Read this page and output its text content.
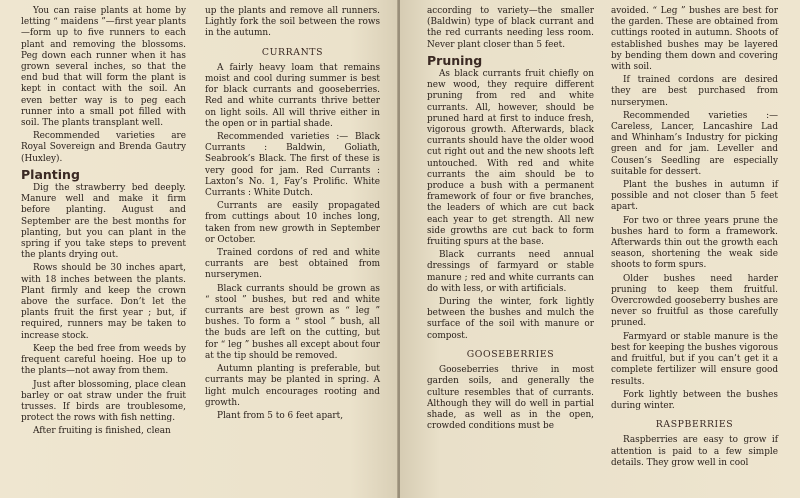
You can raise plants at home by letting “ maidens ”—first year plants—form up to five runners to each plant and removing the blossoms. Peg down each runner when it has grown several inches, so that the end bud that will form the plant is kept in contact with the soil. An even better way is to peg each runner into a small pot filled with soil. The plants transplant well.

Recommended varieties are Royal Sovereign and Brenda Gautry (Huxley).

Planting

Dig the strawberry bed deeply. Manure well and make it firm before planting. August and September are the best months for planting, but you can plant in the spring if you take steps to prevent the plants drying out.

Rows should be 30 inches apart, with 18 inches between the plants. Plant firmly and keep the crown above the surface. Don’t let the plants fruit the first year ; but, if required, runners may be taken to increase stock.

Keep the bed free from weeds by frequent careful hoeing. Hoe up to the plants—not away from them.

Just after blossoming, place clean barley or oat straw under the fruit trusses. If birds are troublesome, protect the rows with fish netting.

After fruiting is finished, clean

up the plants and remove all runners. Lightly fork the soil between the rows in the autumn.

CURRANTS

A fairly heavy loam that remains moist and cool during summer is best for black currants and gooseberries. Red and white currants thrive better on light soils. All will thrive either in the open or in partial shade.

Recommended varieties :— Black Currants : Baldwin, Goliath, Seabrook’s Black. The first of these is very good for jam. Red Currants : Laxton’s No. 1, Fay’s Prolific. White Currants : White Dutch.

Currants are easily propagated from cuttings about 10 inches long, taken from new growth in September or October.

Trained cordons of red and white currants are best obtained from nurserymen.

Black currants should be grown as “ stool ” bushes, but red and white currants are best grown as “ leg ” bushes. To form a “ stool ” bush, all the buds are left on the cutting, but for “ leg ” bushes all except about four at the tip should be removed.

Autumn planting is preferable, but currants may be planted in spring. A light mulch encourages rooting and growth.

Plant from 5 to 6 feet apart,

according to variety—the smaller (Baldwin) type of black currant and the red currants needing less room. Never plant closer than 5 feet.

Pruning

As black currants fruit chiefly on new wood, they require different pruning from red and white currants. All, however, should be pruned hard at first to induce fresh, vigorous growth. Afterwards, black currants should have the older wood cut right out and the new shoots left untouched. With red and white currants the aim should be to produce a bush with a permanent framework of four or five branches, the leaders of which are cut back each year to get strength. All new side growths are cut back to form fruiting spurs at the base.

Black currants need annual dressings of farmyard or stable manure ; red and white currants can do with less, or with artificials.

During the winter, fork lightly between the bushes and mulch the surface of the soil with manure or compost.

GOOSEBERRIES

Gooseberries thrive in most garden soils, and generally the culture resembles that of currants. Although they will do well in partial shade, as well as in the open, crowded conditions must be

avoided. “ Leg ” bushes are best for the garden. These are obtained from cuttings rooted in autumn. Shoots of established bushes may be layered by bending them down and covering with soil.

If trained cordons are desired they are best purchased from nurserymen.

Recommended varieties :— Careless, Lancer, Lancashire Lad and Whinham’s Industry for picking green and for jam. Leveller and Cousen’s Seedling are especially suitable for dessert.

Plant the bushes in autumn if possible and not closer than 5 feet apart.

For two or three years prune the bushes hard to form a framework. Afterwards thin out the growth each season, shortening the weak side shoots to form spurs.

Older bushes need harder pruning to keep them fruitful. Overcrowded gooseberry bushes are never so fruitful as those carefully pruned.

Farmyard or stable manure is the best for keeping the bushes vigorous and fruitful, but if you can’t get it a complete fertilizer will ensure good results.

Fork lightly between the bushes during winter.

RASPBERRIES

Raspberries are easy to grow if attention is paid to a few simple details. They grow well in cool
